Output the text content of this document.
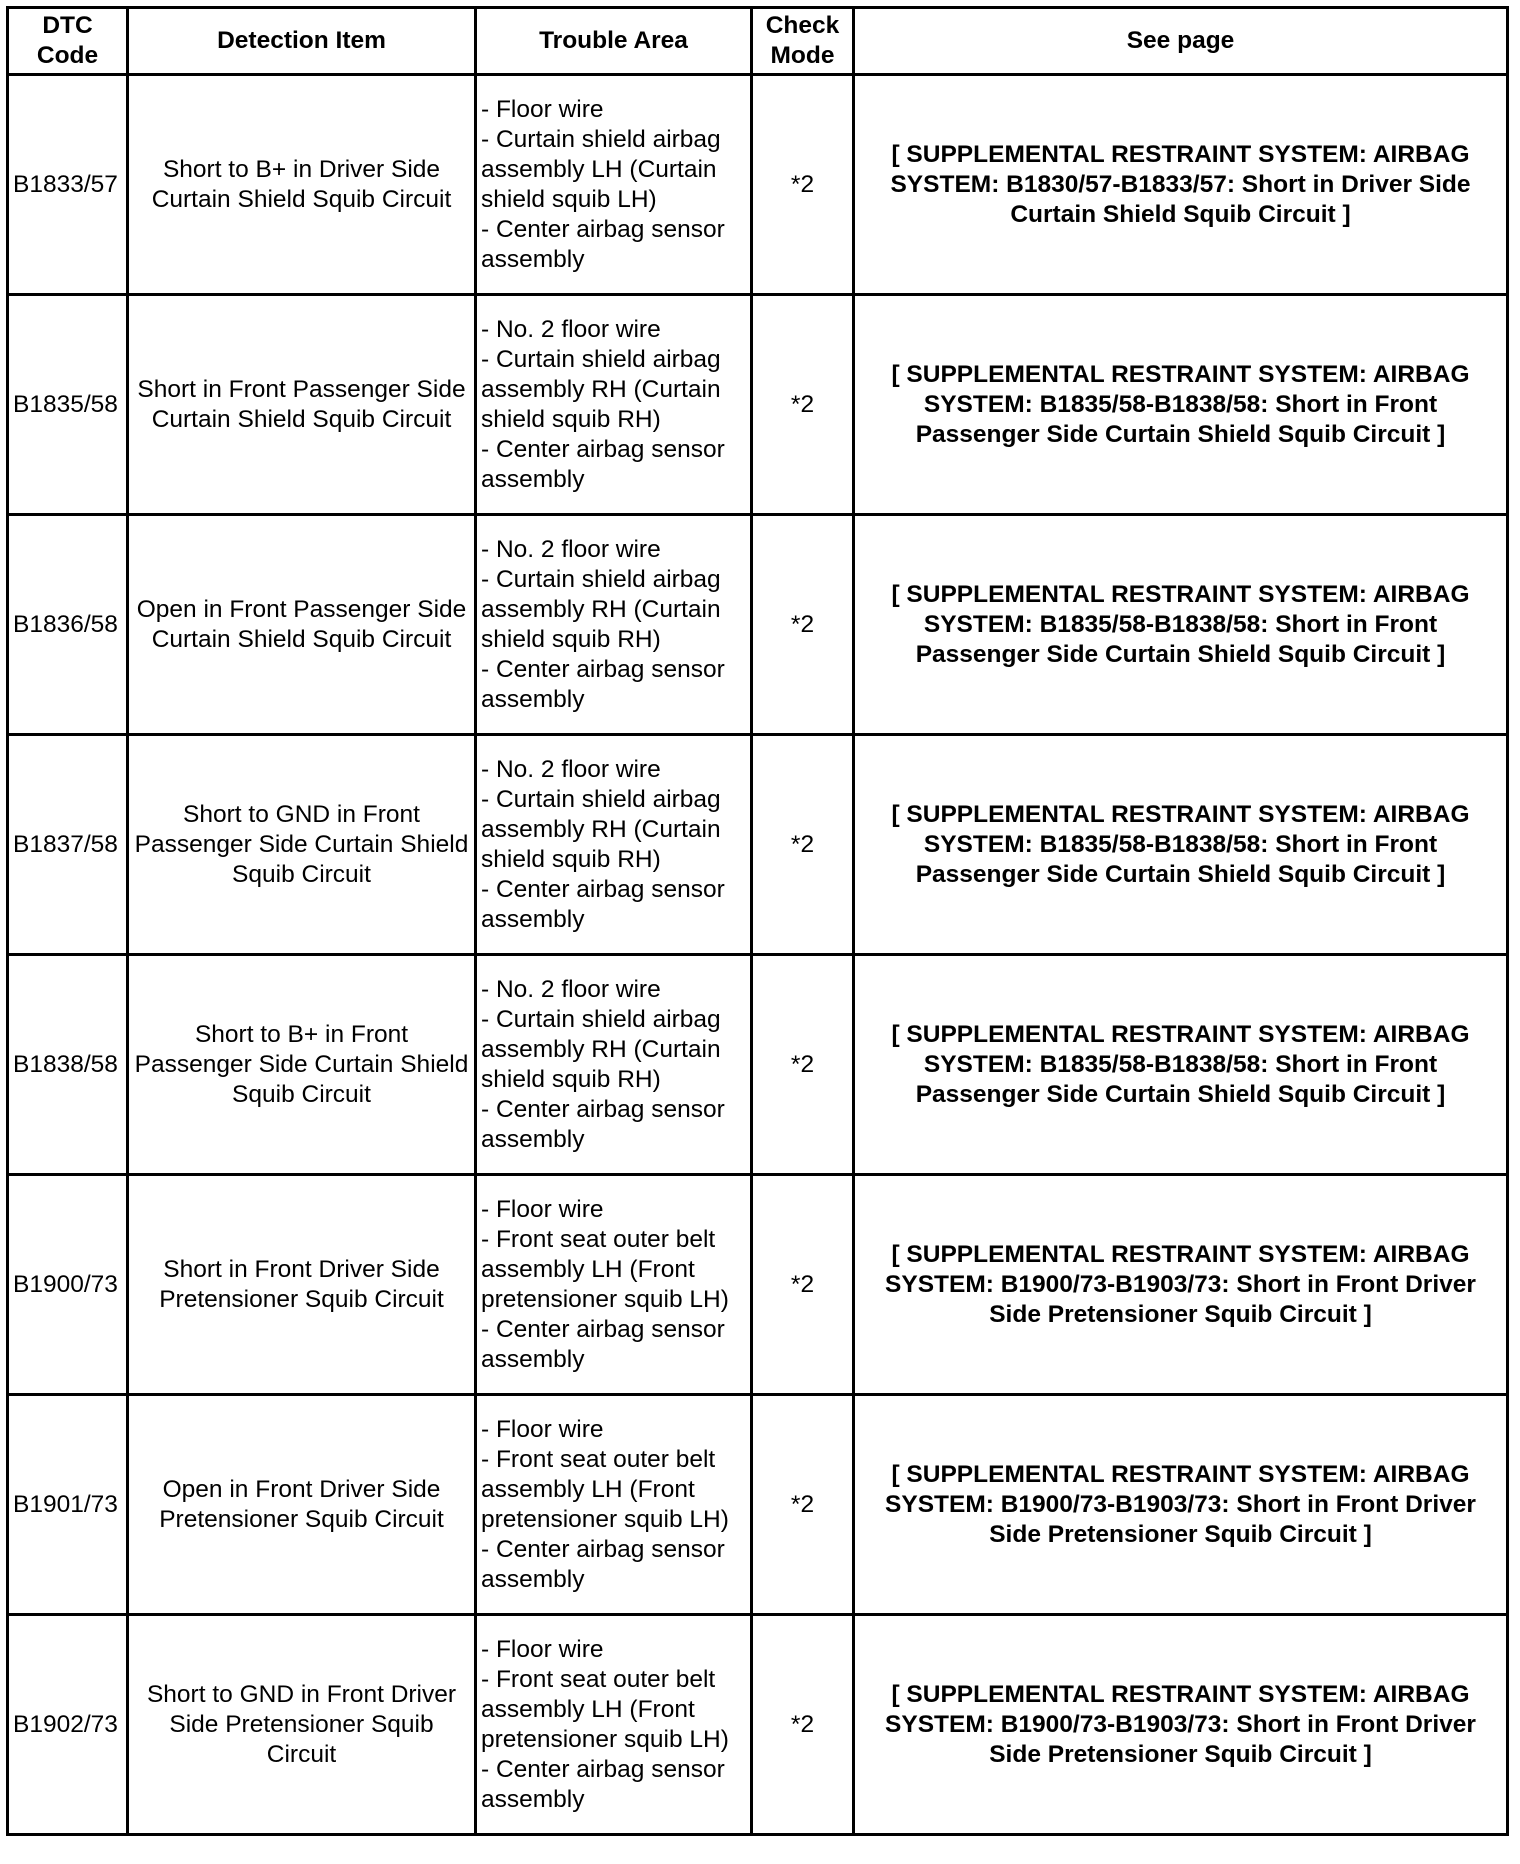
DTC Code	Detection Item	Trouble Area	Check Mode	See page
B1833/57	Short to B+ in Driver Side Curtain Shield Squib Circuit	- Floor wire
- Curtain shield airbag assembly LH (Curtain shield squib LH)
- Center airbag sensor assembly	*2	[ SUPPLEMENTAL RESTRAINT SYSTEM: AIRBAG SYSTEM: B1830/57-B1833/57: Short in Driver Side Curtain Shield Squib Circuit ]
B1835/58	Short in Front Passenger Side Curtain Shield Squib Circuit	- No. 2 floor wire
- Curtain shield airbag assembly RH (Curtain shield squib RH)
- Center airbag sensor assembly	*2	[ SUPPLEMENTAL RESTRAINT SYSTEM: AIRBAG SYSTEM: B1835/58-B1838/58: Short in Front Passenger Side Curtain Shield Squib Circuit ]
B1836/58	Open in Front Passenger Side Curtain Shield Squib Circuit	- No. 2 floor wire
- Curtain shield airbag assembly RH (Curtain shield squib RH)
- Center airbag sensor assembly	*2	[ SUPPLEMENTAL RESTRAINT SYSTEM: AIRBAG SYSTEM: B1835/58-B1838/58: Short in Front Passenger Side Curtain Shield Squib Circuit ]
B1837/58	Short to GND in Front Passenger Side Curtain Shield Squib Circuit	- No. 2 floor wire
- Curtain shield airbag assembly RH (Curtain shield squib RH)
- Center airbag sensor assembly	*2	[ SUPPLEMENTAL RESTRAINT SYSTEM: AIRBAG SYSTEM: B1835/58-B1838/58: Short in Front Passenger Side Curtain Shield Squib Circuit ]
B1838/58	Short to B+ in Front Passenger Side Curtain Shield Squib Circuit	- No. 2 floor wire
- Curtain shield airbag assembly RH (Curtain shield squib RH)
- Center airbag sensor assembly	*2	[ SUPPLEMENTAL RESTRAINT SYSTEM: AIRBAG SYSTEM: B1835/58-B1838/58: Short in Front Passenger Side Curtain Shield Squib Circuit ]
B1900/73	Short in Front Driver Side Pretensioner Squib Circuit	- Floor wire
- Front seat outer belt assembly LH (Front pretensioner squib LH)
- Center airbag sensor assembly	*2	[ SUPPLEMENTAL RESTRAINT SYSTEM: AIRBAG SYSTEM: B1900/73-B1903/73: Short in Front Driver Side Pretensioner Squib Circuit ]
B1901/73	Open in Front Driver Side Pretensioner Squib Circuit	- Floor wire
- Front seat outer belt assembly LH (Front pretensioner squib LH)
- Center airbag sensor assembly	*2	[ SUPPLEMENTAL RESTRAINT SYSTEM: AIRBAG SYSTEM: B1900/73-B1903/73: Short in Front Driver Side Pretensioner Squib Circuit ]
B1902/73	Short to GND in Front Driver Side Pretensioner Squib Circuit	- Floor wire
- Front seat outer belt assembly LH (Front pretensioner squib LH)
- Center airbag sensor assembly	*2	[ SUPPLEMENTAL RESTRAINT SYSTEM: AIRBAG SYSTEM: B1900/73-B1903/73: Short in Front Driver Side Pretensioner Squib Circuit ]
